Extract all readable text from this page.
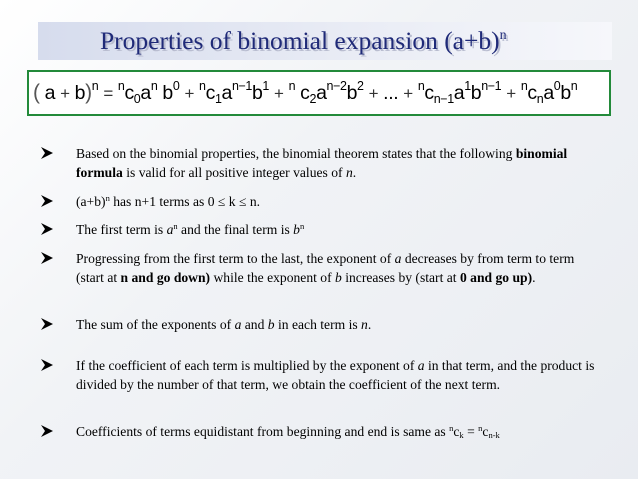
Properties of binomial expansion $(a+b)^n$
( $a + b)^n = ^nc_0a^n$ $b^0 + ^nc_1a^{n-1}b^1 + ^n$ $c_2a^{n-2}b^2$ + ... + $^nc_{n-1}a^1b^{n-1} + ^nc_na^0b^n$
Based on the binomial properties, the binomial theorem states that the following binomial formula is valid for all positive integer values of n.
$(a+b)^n$ has n+1 terms as 0 ≤ k ≤ n.
The first term is $a^n$ and the final term is $b^n$
Progressing from the first term to the last, the exponent of a decreases by from term to term (start at n and go down) while the exponent of b increases by (start at 0 and go up).
The sum of the exponents of a and b in each term is n.
If the coefficient of each term is multiplied by the exponent of a in that term, and the product is divided by the number of that term, we obtain the coefficient of the next term.
Coefficients of terms equidistant from beginning and end is same as $^nc_k = ^nc_{n-k}$
